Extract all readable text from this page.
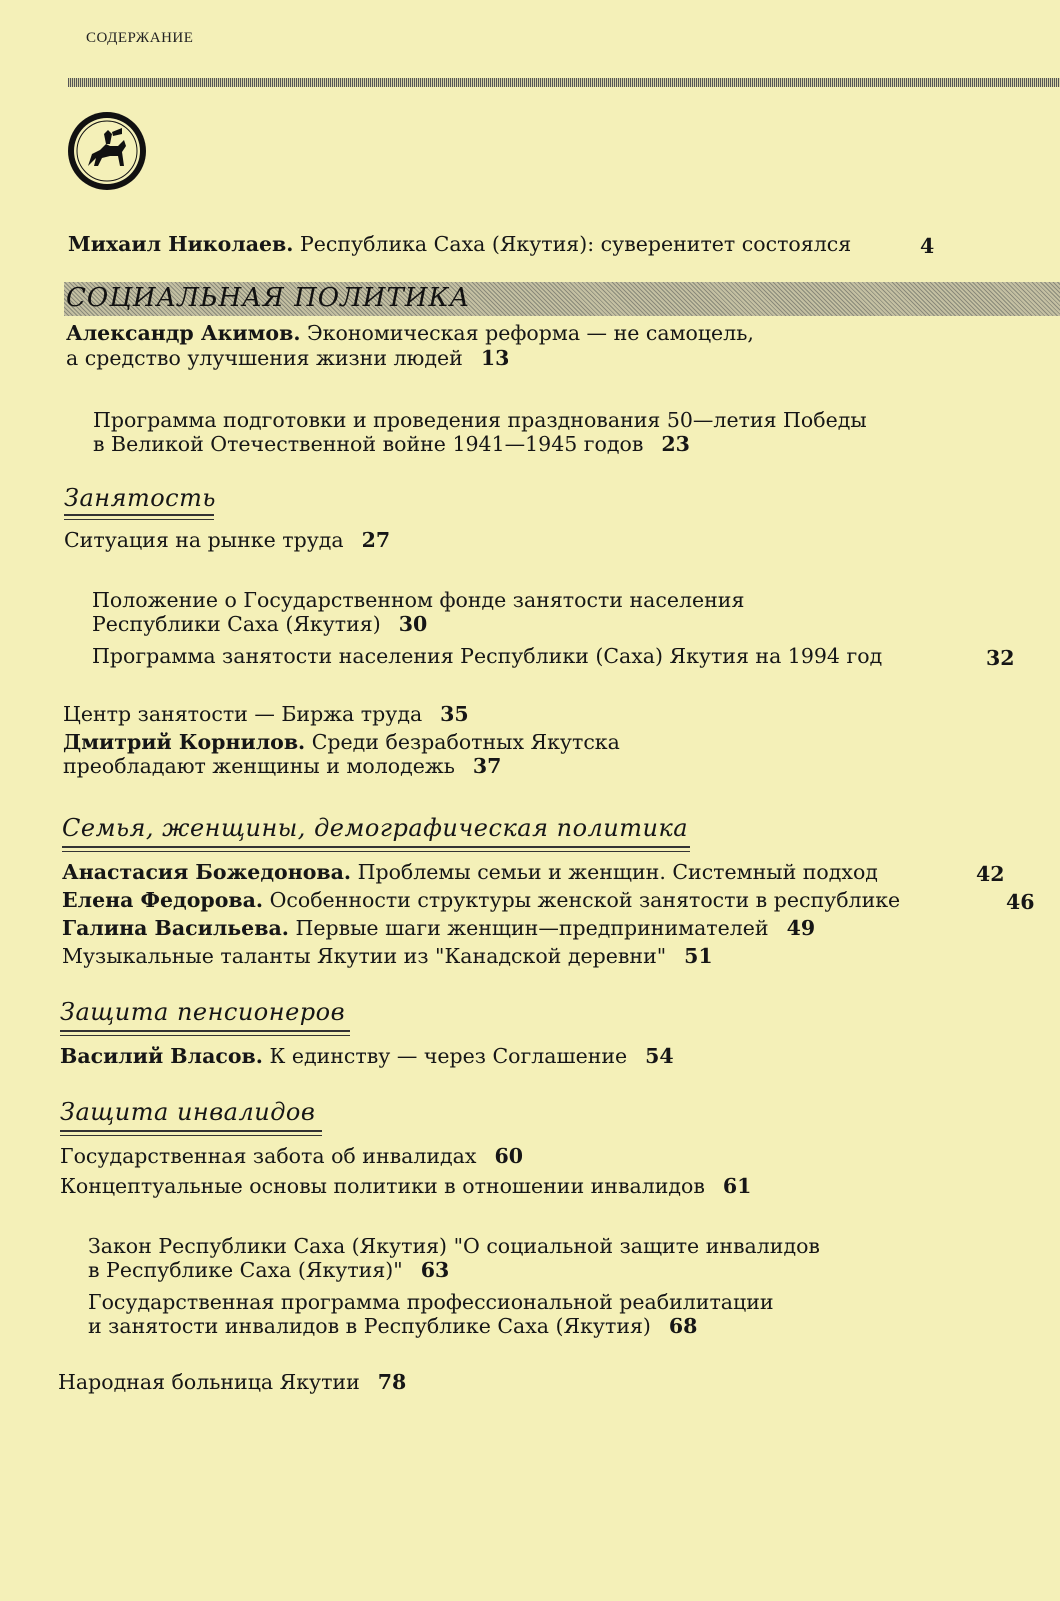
СОДЕРЖАНИЕ

Михаил Николаев. Республика Саха (Якутия): суверенитет состоялся	4
СОЦИАЛЬНАЯ ПОЛИТИКА

Александр Акимов. Экономическая реформа — не самоцель,

а средство улучшения жизни людей 13

Программа подготовки и проведения празднования 50—летия Победы

в Великой Отечественной войне 1941—1945 годов 23

Занятость

Ситуация на рынке труда 27

Положение о Государственном фонде занятости населения

Республики Саха (Якутия) 30

Программа занятости населения Республики (Саха) Якутия на 1994 год	32

Центр занятости — Биржа труда 35

Дмитрий Корнилов. Среди безработных Якутска

преобладают женщины и молодежь 37

Семья, женщины, демографическая политика

Анастасия Божедонова. Проблемы семьи и женщин. Системный подход	42

Елена Федорова. Особенности структуры женской занятости в республике	46

Галина Васильева. Первые шаги женщин—предпринимателей 49

Музыкальные таланты Якутии из "Канадской деревни" 51

Защита пенсионеров

Василий Власов. К единству — через Соглашение 54

Защита инвалидов

Государственная забота об инвалидах 60

Концептуальные основы политики в отношении инвалидов 61

Закон Республики Саха (Якутия) "О социальной защите инвалидов

в Республике Саха (Якутия)" 63

Государственная программа профессиональной реабилитации

и занятости инвалидов в Республике Саха (Якутия) 68

Народная больница Якутии 78
